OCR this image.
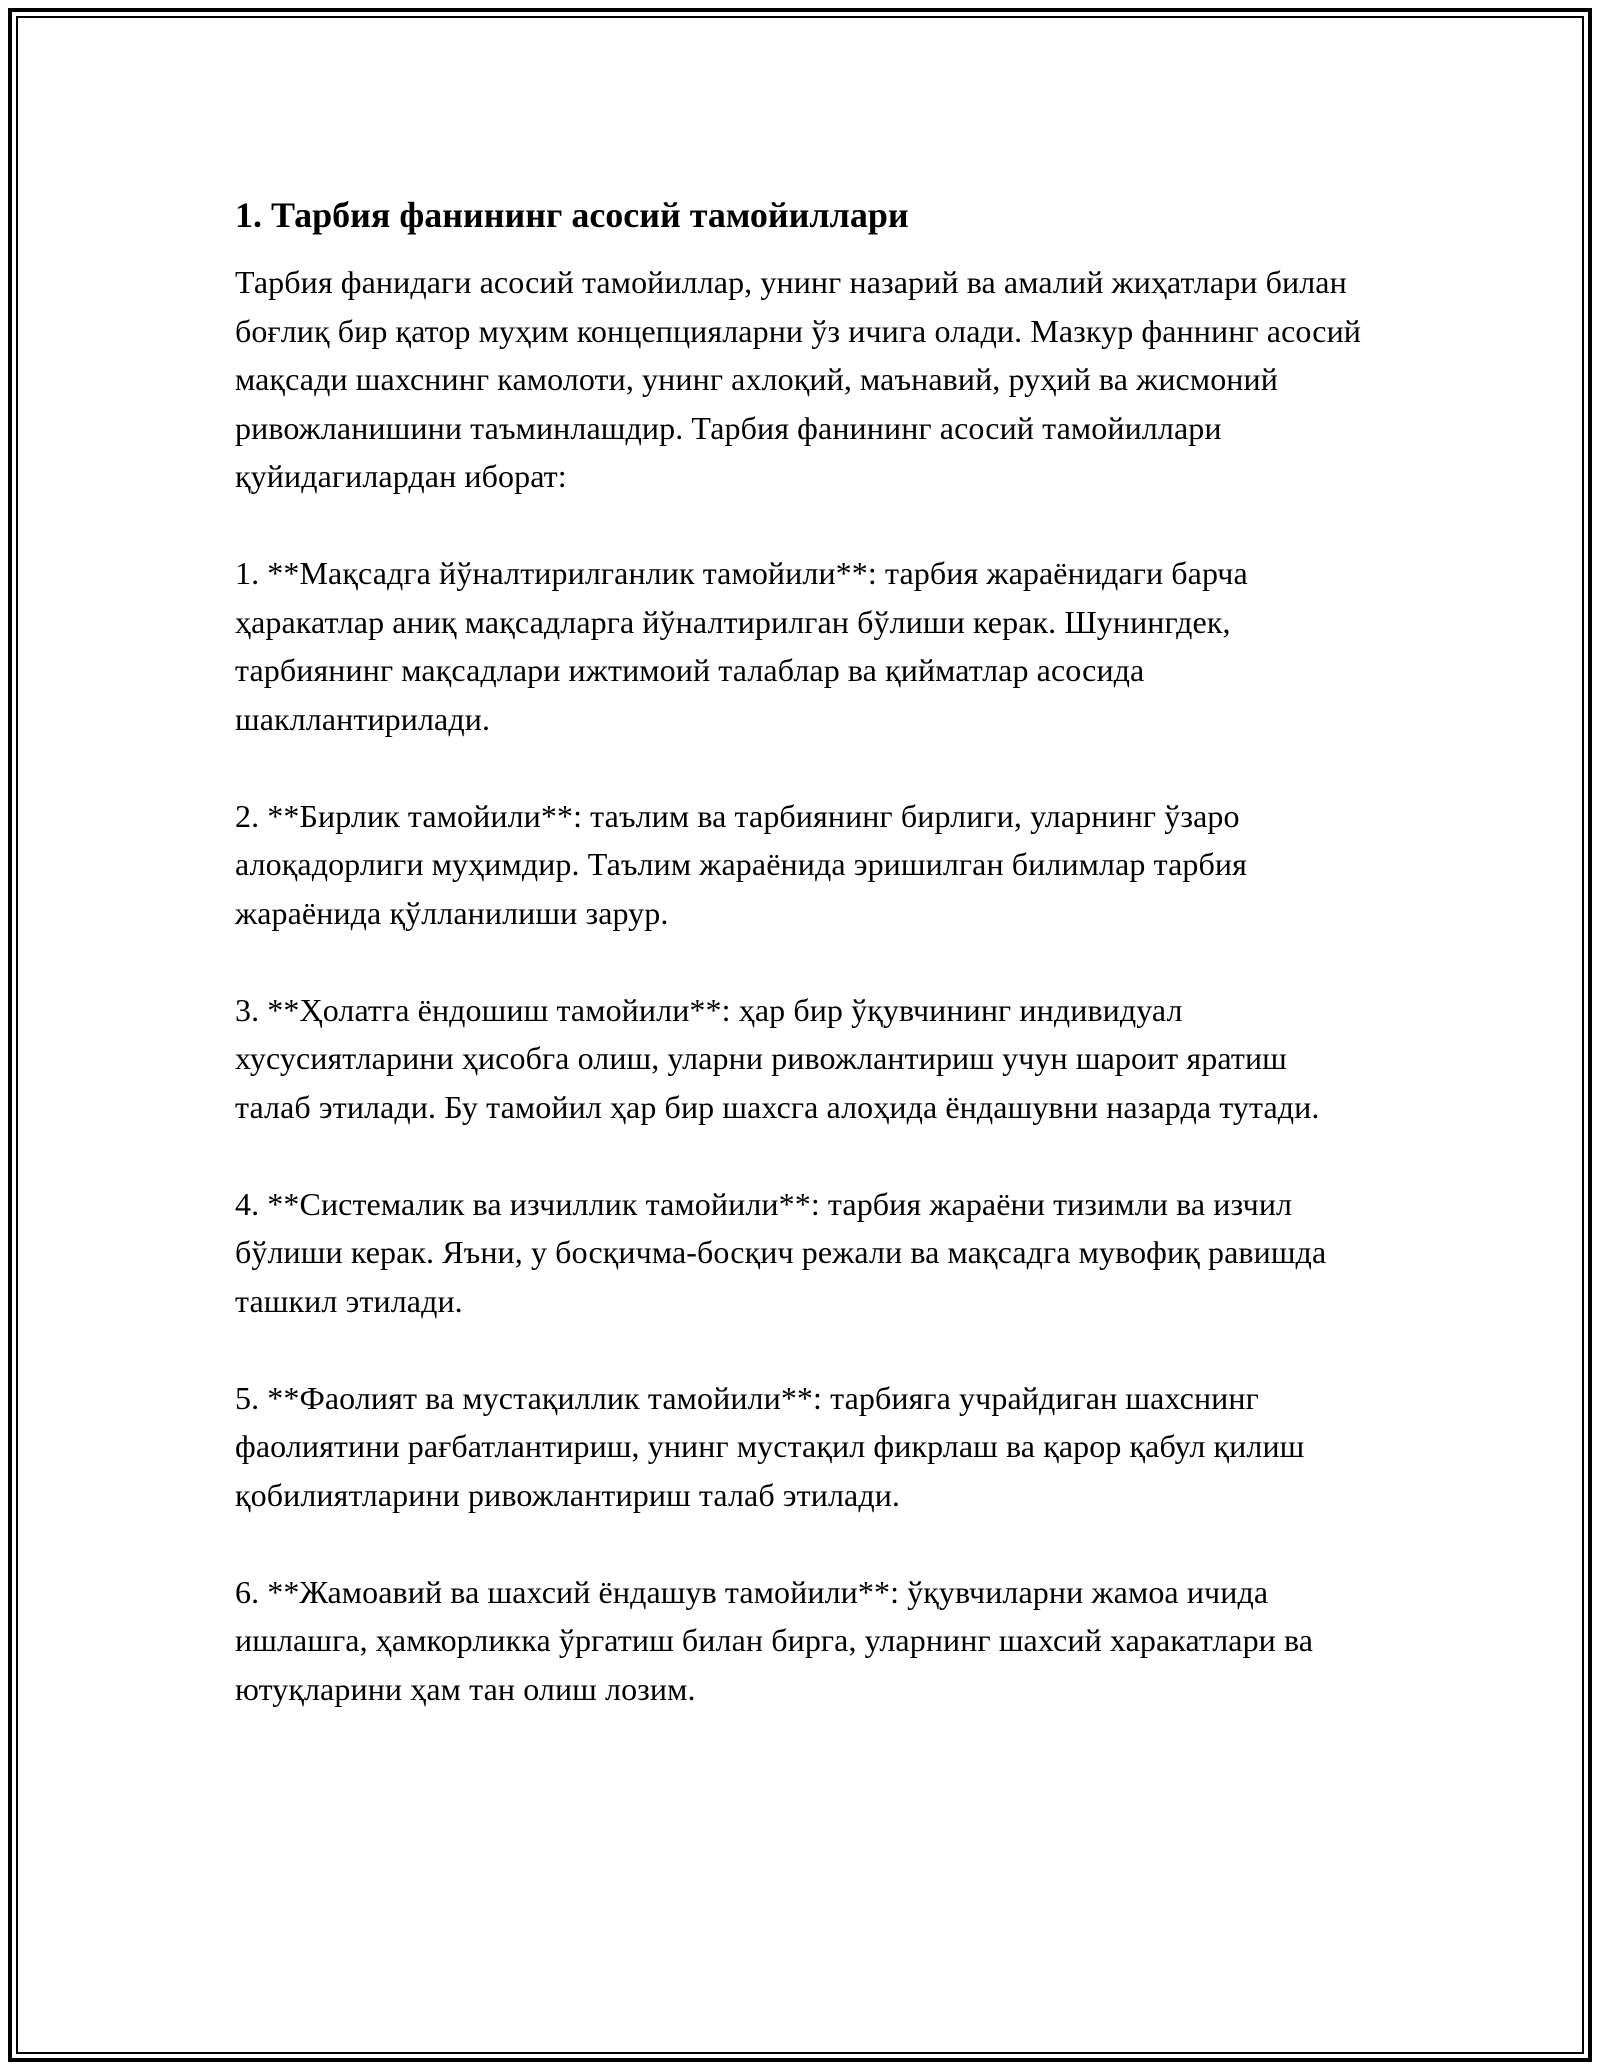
1. Тарбия фанининг асосий тамойиллари

Тарбия фанидаги асосий тамойиллар, унинг назарий ва амалий жиҳатлари билан боғлиқ бир қатор муҳим концепцияларни ўз ичига олади. Мазкур фаннинг асосий мақсади шахснинг камолоти, унинг ахлоқий, маънавий, руҳий ва жисмоний ривожланишини таъминлашдир. Тарбия фанининг асосий тамойиллари қуйидагилардан иборат:

1. **Мақсадга йўналтирилганлик тамойили**: тарбия жараёнидаги барча ҳаракатлар аниқ мақсадларга йўналтирилган бўлиши керак. Шунингдек, тарбиянинг мақсадлари ижтимоий талаблар ва қийматлар асосида шакллантирилади.

2. **Бирлик тамойили**: таълим ва тарбиянинг бирлиги, уларнинг ўзаро алоқадорлиги муҳимдир. Таълим жараёнида эришилган билимлар тарбия жараёнида қўлланилиши зарур.

3. **Ҳолатга ёндошиш тамойили**: ҳар бир ўқувчининг индивидуал хусусиятларини ҳисобга олиш, уларни ривожлантириш учун шароит яратиш талаб этилади. Бу тамойил ҳар бир шахсга алоҳида ёндашувни назарда тутади.

4. **Системалик ва изчиллик тамойили**: тарбия жараёни тизимли ва изчил бўлиши керак. Яъни, у босқичма-босқич режали ва мақсадга мувофиқ равишда ташкил этилади.

5. **Фаолият ва мустақиллик тамойили**: тарбияга учрайдиган шахснинг фаолиятини рағбатлантириш, унинг мустақил фикрлаш ва қарор қабул қилиш қобилиятларини ривожлантириш талаб этилади.

6. **Жамоавий ва шахсий ёндашув тамойили**: ўқувчиларни жамоа ичида ишлашга, ҳамкорликка ўргатиш билан бирга, уларнинг шахсий харакатлари ва ютуқларини ҳам тан олиш лозим.
